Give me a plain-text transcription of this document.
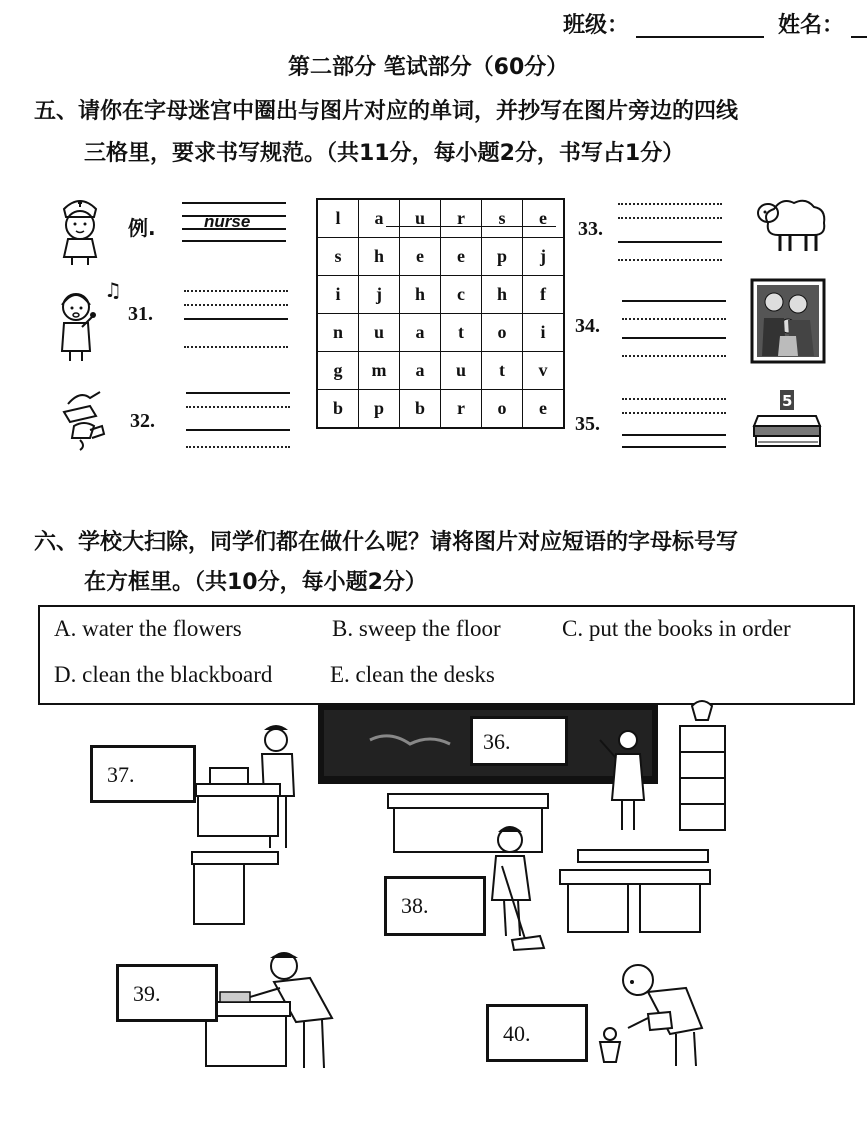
班级：	姓名：
第二部分 笔试部分（60分）
五、请你在字母迷宫中圈出与图片对应的单词，并抄写在图片旁边的四线
三格里，要求书写规范。（共11分，每小题2分，书写占1分）
♫
例.
31.
32.
nurse	l	a	u	r	s	e
s	h	e	e	p	j
i	j	h	c	h	f
n	u	a	t	o	i
g	m	a	u	t	v
b	p	b	r	o	e
33.
34.
35.
5
六、学校大扫除，同学们都在做什么呢？请将图片对应短语的字母标号写
在方框里。（共10分，每小题2分）
A. water the flowers	B. sweep the floor	C. put the books in order
D. clean the blackboard	E. clean the desks
36.
37.
38.
39.
40.
